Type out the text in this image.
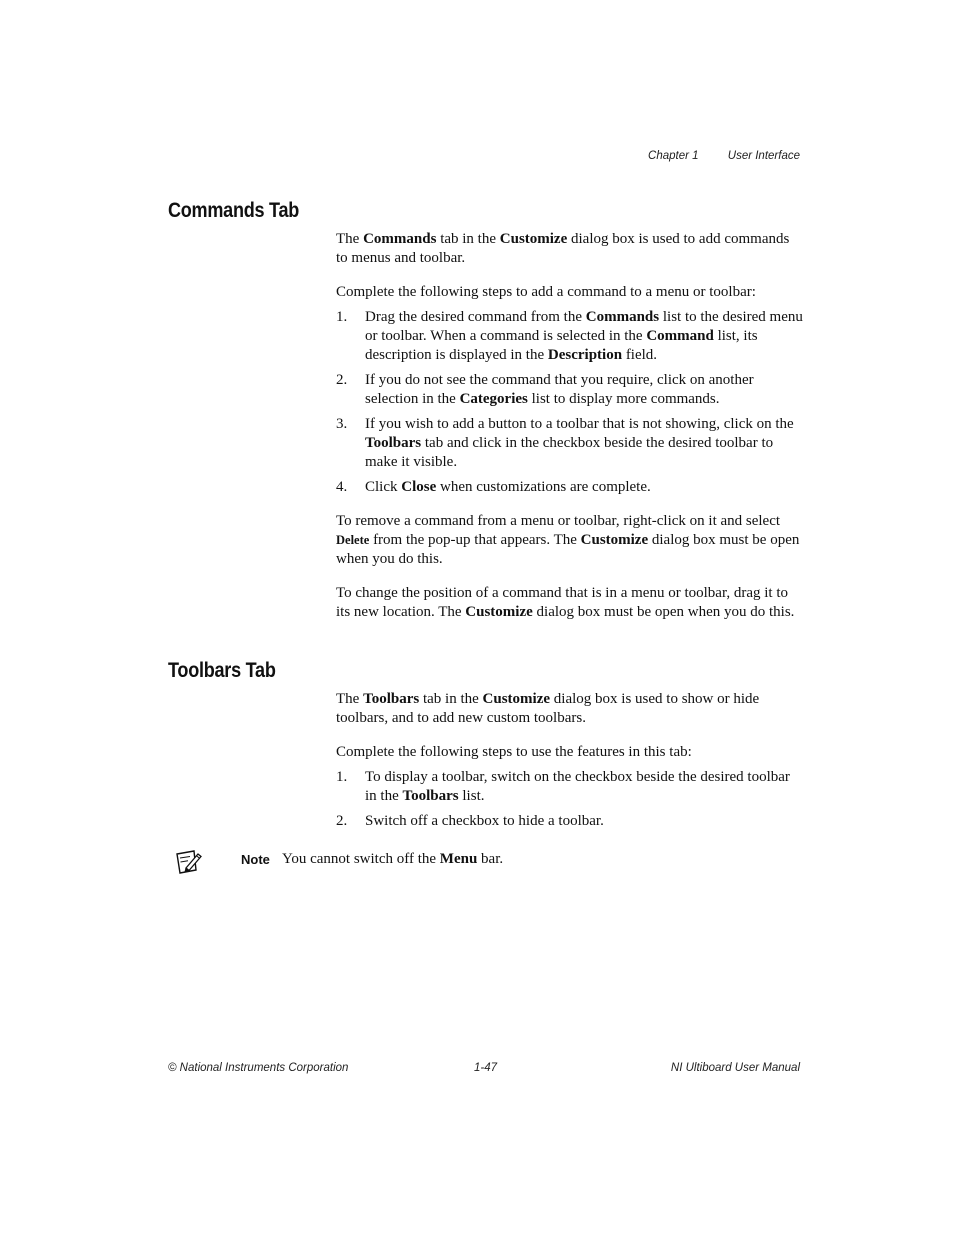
Chapter 1	User Interface
Commands Tab

The Commands tab in the Customize dialog box is used to add commands to menus and toolbar.

Complete the following steps to add a command to a menu or toolbar:

1. Drag the desired command from the Commands list to the desired menu or toolbar. When a command is selected in the Command list, its description is displayed in the Description field.
2. If you do not see the command that you require, click on another selection in the Categories list to display more commands.
3. If you wish to add a button to a toolbar that is not showing, click on the Toolbars tab and click in the checkbox beside the desired toolbar to make it visible.
4. Click Close when customizations are complete.

To remove a command from a menu or toolbar, right-click on it and select Delete from the pop-up that appears. The Customize dialog box must be open when you do this.

To change the position of a command that is in a menu or toolbar, drag it to its new location. The Customize dialog box must be open when you do this.

Toolbars Tab

The Toolbars tab in the Customize dialog box is used to show or hide toolbars, and to add new custom toolbars.

Complete the following steps to use the features in this tab:

1. To display a toolbar, switch on the checkbox beside the desired toolbar in the Toolbars list.
2. Switch off a checkbox to hide a toolbar.
Note You cannot switch off the Menu bar.
© National Instruments Corporation	1-47	NI Ultiboard User Manual
